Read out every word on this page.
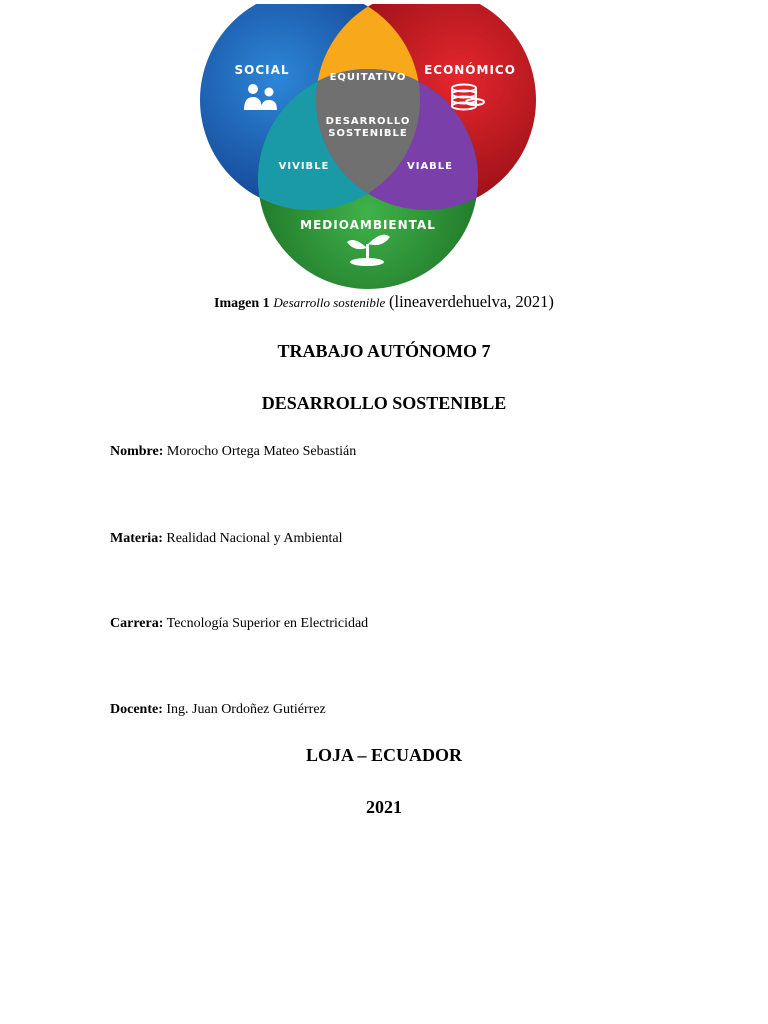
SOCIAL	ECONÓMICO
EQUITATIVO
DESARROLLO
SOSTENIBLE
VIVIBLE	VIABLE
MEDIOAMBIENTAL
Imagen 1 Desarrollo sostenible (lineaverdehuelva, 2021)
TRABAJO AUTÓNOMO 7
DESARROLLO SOSTENIBLE
Nombre: Morocho Ortega Mateo Sebastián
Materia: Realidad Nacional y Ambiental
Carrera: Tecnología Superior en Electricidad
Docente: Ing. Juan Ordoñez Gutiérrez
LOJA – ECUADOR
2021
